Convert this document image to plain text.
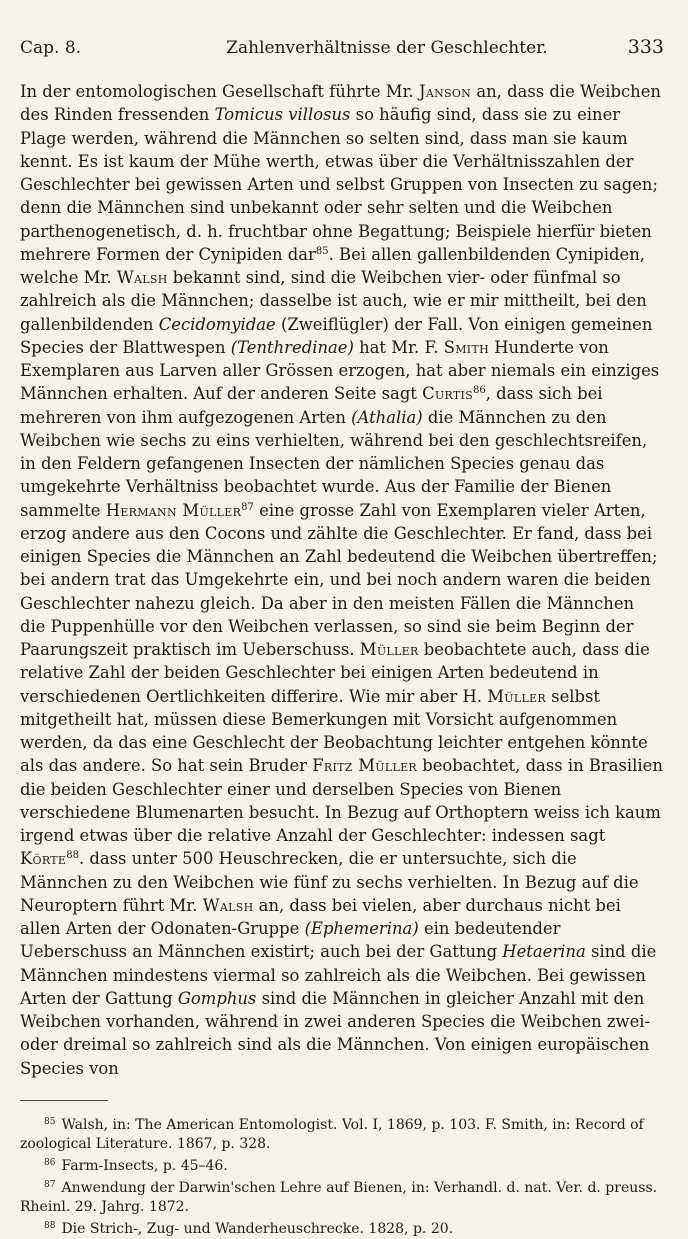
Cap. 8.	Zahlenverhältnisse der Geschlechter.	333

In der entomologischen Gesellschaft führte Mr. Janson an, dass die Weibchen des Rinden fressenden Tomicus villosus so häufig sind, dass sie zu einer Plage werden, während die Männchen so selten sind, dass man sie kaum kennt. Es ist kaum der Mühe werth, etwas über die Verhältnisszahlen der Geschlechter bei gewissen Arten und selbst Gruppen von Insecten zu sagen; denn die Männchen sind unbekannt oder sehr selten und die Weibchen parthenogenetisch, d. h. fruchtbar ohne Begattung; Beispiele hierfür bieten mehrere Formen der Cynipiden dar$^{85}$. Bei allen gallenbildenden Cynipiden, welche Mr. Walsh bekannt sind, sind die Weibchen vier- oder fünfmal so zahlreich als die Männchen; dasselbe ist auch, wie er mir mittheilt, bei den gallenbildenden Cecidomyidae (Zweiflügler) der Fall. Von einigen gemeinen Species der Blattwespen (Tenthredinae) hat Mr. F. Smith Hunderte von Exemplaren aus Larven aller Grössen erzogen, hat aber niemals ein einziges Männchen erhalten. Auf der anderen Seite sagt Curtis$^{86}$, dass sich bei mehreren von ihm aufgezogenen Arten (Athalia) die Männchen zu den Weibchen wie sechs zu eins verhielten, während bei den geschlechtsreifen, in den Feldern gefangenen Insecten der nämlichen Species genau das umgekehrte Verhältniss beobachtet wurde. Aus der Familie der Bienen sammelte Hermann Müller$^{87}$ eine grosse Zahl von Exemplaren vieler Arten, erzog andere aus den Cocons und zählte die Geschlechter. Er fand, dass bei einigen Species die Männchen an Zahl bedeutend die Weibchen übertreffen; bei andern trat das Umgekehrte ein, und bei noch andern waren die beiden Geschlechter nahezu gleich. Da aber in den meisten Fällen die Männchen die Puppenhülle vor den Weibchen verlassen, so sind sie beim Beginn der Paarungszeit praktisch im Ueberschuss. Müller beobachtete auch, dass die relative Zahl der beiden Geschlechter bei einigen Arten bedeutend in verschiedenen Oertlichkeiten differire. Wie mir aber H. Müller selbst mitgetheilt hat, müssen diese Bemerkungen mit Vorsicht aufgenommen werden, da das eine Geschlecht der Beobachtung leichter entgehen könnte als das andere. So hat sein Bruder Fritz Müller beobachtet, dass in Brasilien die beiden Geschlechter einer und derselben Species von Bienen verschiedene Blumenarten besucht. In Bezug auf Orthoptern weiss ich kaum irgend etwas über die relative Anzahl der Geschlechter: indessen sagt Körte$^{88}$. dass unter 500 Heuschrecken, die er untersuchte, sich die Männchen zu den Weibchen wie fünf zu sechs verhielten. In Bezug auf die Neuroptern führt Mr. Walsh an, dass bei vielen, aber durchaus nicht bei allen Arten der Odonaten-Gruppe (Ephemerina) ein bedeutender Ueberschuss an Männchen existirt; auch bei der Gattung Hetaerina sind die Männchen mindestens viermal so zahlreich als die Weibchen. Bei gewissen Arten der Gattung Gomphus sind die Männchen in gleicher Anzahl mit den Weibchen vorhanden, während in zwei anderen Species die Weibchen zwei- oder dreimal so zahlreich sind als die Männchen. Von einigen europäischen Species von

$^{85}$ Walsh, in: The American Entomologist. Vol. I, 1869, p. 103. F. Smith, in: Record of zoological Literature. 1867, p. 328.

$^{86}$ Farm-Insects, p. 45–46.

$^{87}$ Anwendung der Darwin'schen Lehre auf Bienen, in: Verhandl. d. nat. Ver. d. preuss. Rheinl. 29. Jahrg. 1872.

$^{88}$ Die Strich-, Zug- und Wanderheuschrecke. 1828, p. 20.
